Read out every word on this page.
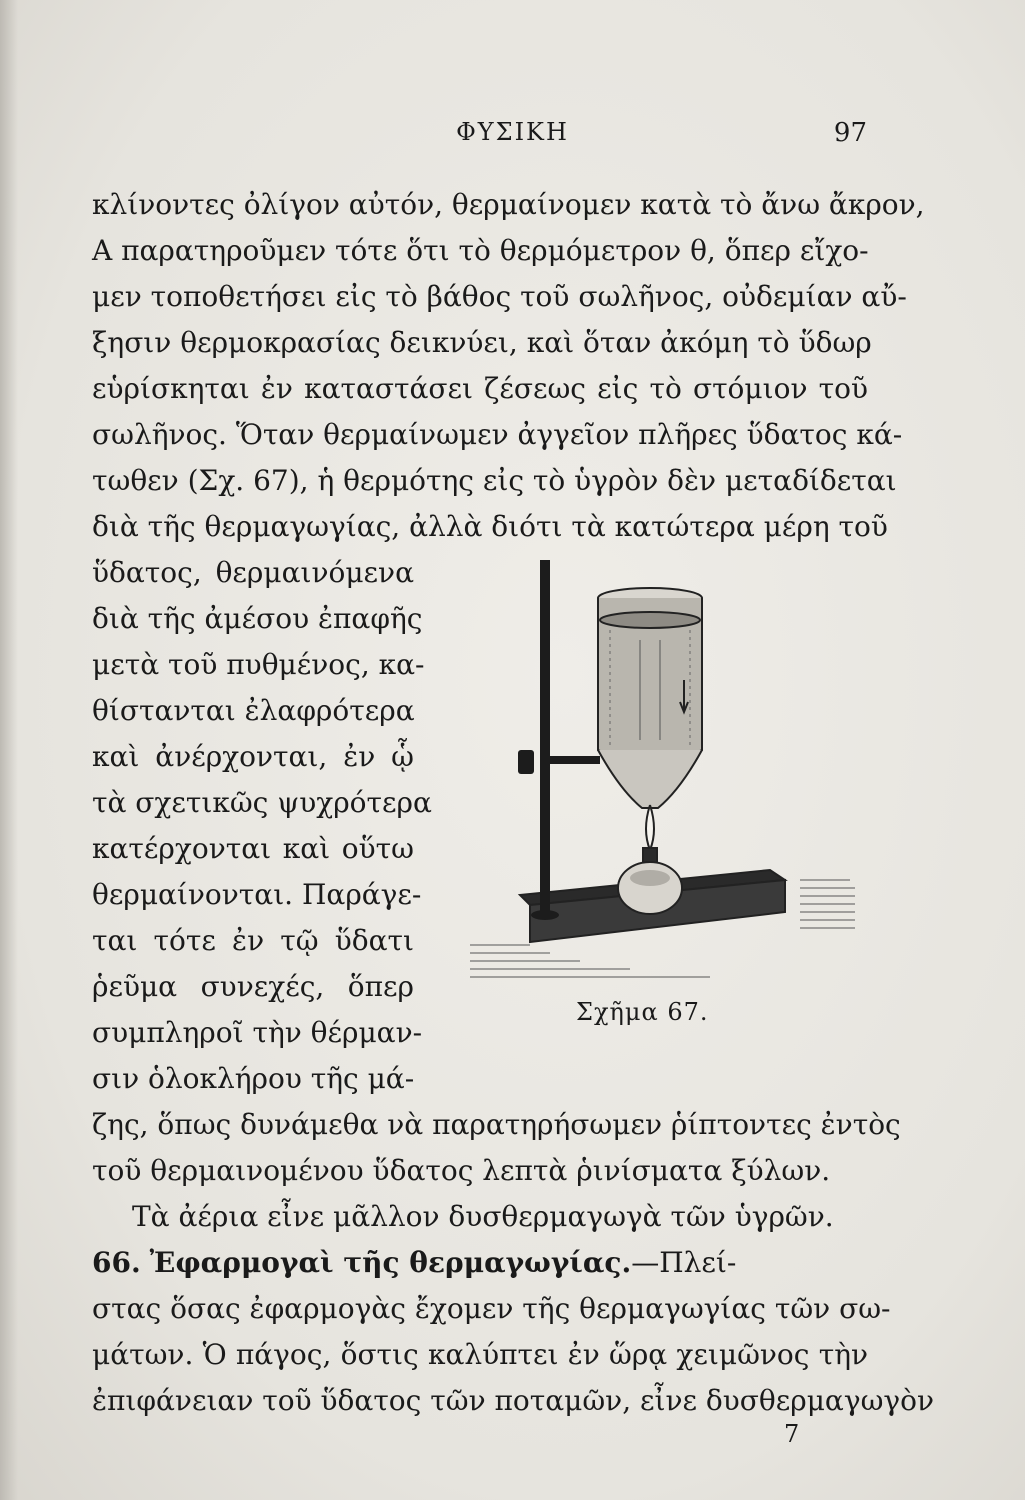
ΦΥΣΙΚΗ	97
κλίνοντες ὀλίγον αὐτόν, θερμαίνομεν κατὰ τὸ ἄνω ἄκρον,
Α παρατηροῦμεν τότε ὅτι τὸ θερμόμετρον θ, ὅπερ εἴχο-
μεν τοποθετήσει εἰς τὸ βάθος τοῦ σωλῆνος, οὐδεμίαν αὔ-
ξησιν θερμοκρασίας δεικνύει, καὶ ὅταν ἀκόμη τὸ ὕδωρ
εὑρίσκηται ἐν καταστάσει ζέσεως εἰς τὸ στόμιον τοῦ
σωλῆνος. Ὅταν θερμαίνωμεν ἀγγεῖον πλῆρες ὕδατος κά-
τωθεν (Σχ. 67), ἡ θερμότης εἰς τὸ ὑγρὸν δὲν μεταδίδεται
διὰ τῆς θερμαγωγίας, ἀλλὰ διότι τὰ κατώτερα μέρη τοῦ
ὕδατος, θερμαινόμενα
διὰ τῆς ἀμέσου ἐπαφῆς
μετὰ τοῦ πυθμένος, κα-
θίστανται ἐλαφρότερα
καὶ ἀνέρχονται, ἐν ᾧ
τὰ σχετικῶς ψυχρότερα
κατέρχονται καὶ οὕτω
θερμαίνονται. Παράγε-
ται τότε ἐν τῷ ὕδατι
ῥεῦμα συνεχές, ὅπερ
συμπληροῖ τὴν θέρμαν-
σιν ὁλοκλήρου τῆς μά-
Σχῆμα 67.
ζης, ὅπως δυνάμεθα νὰ παρατηρήσωμεν ῥίπτοντες ἐντὸς
τοῦ θερμαινομένου ὕδατος λεπτὰ ῥινίσματα ξύλων.
Τὰ ἀέρια εἶνε μᾶλλον δυσθερμαγωγὰ τῶν ὑγρῶν.
66. Ἐφαρμογαὶ τῆς θερμαγωγίας.—Πλεί-
στας ὅσας ἐφαρμογὰς ἔχομεν τῆς θερμαγωγίας τῶν σω-
μάτων. Ὁ πάγος, ὅστις καλύπτει ἐν ὥρᾳ χειμῶνος τὴν
ἐπιφάνειαν τοῦ ὕδατος τῶν ποταμῶν, εἶνε δυσθερμαγωγὸν
7
